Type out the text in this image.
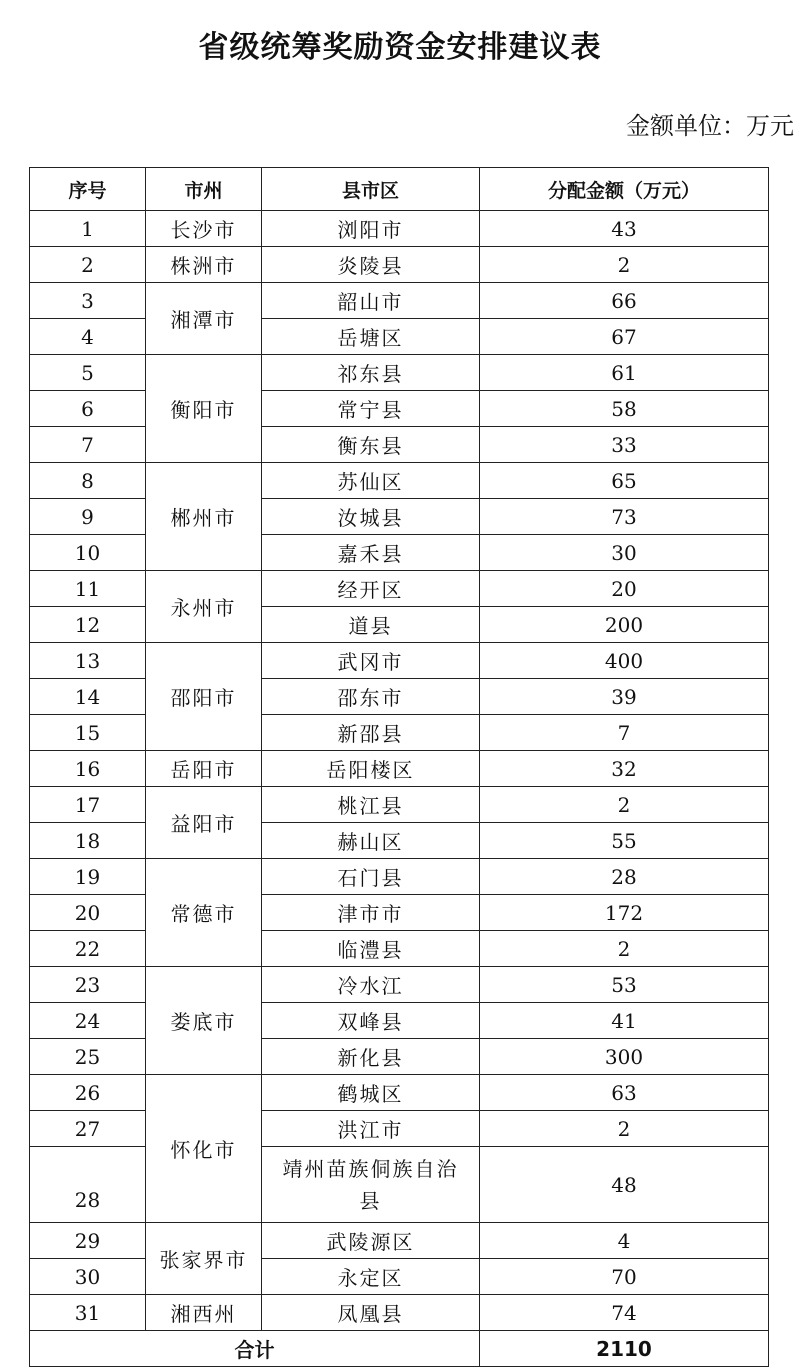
省级统筹奖励资金安排建议表
金额单位：万元
序号	市州	县市区	分配金额（万元）
1	长沙市	浏阳市	43
2	株洲市	炎陵县	2
3	湘潭市	韶山市	66
4		岳塘区	67
5	衡阳市	祁东县	61
6		常宁县	58
7		衡东县	33
8	郴州市	苏仙区	65
9		汝城县	73
10		嘉禾县	30
11	永州市	经开区	20
12		道县	200
13	邵阳市	武冈市	400
14		邵东市	39
15		新邵县	7
16	岳阳市	岳阳楼区	32
17	益阳市	桃江县	2
18		赫山区	55
19	常德市	石门县	28
20		津市市	172
22		临澧县	2
23	娄底市	冷水江	53
24		双峰县	41
25		新化县	300
26	怀化市	鹤城区	63
27		洪江市	2
28		靖州苗族侗族自治县	48
29	张家界市	武陵源区	4
30		永定区	70
31	湘西州	凤凰县	74
合计			2110
